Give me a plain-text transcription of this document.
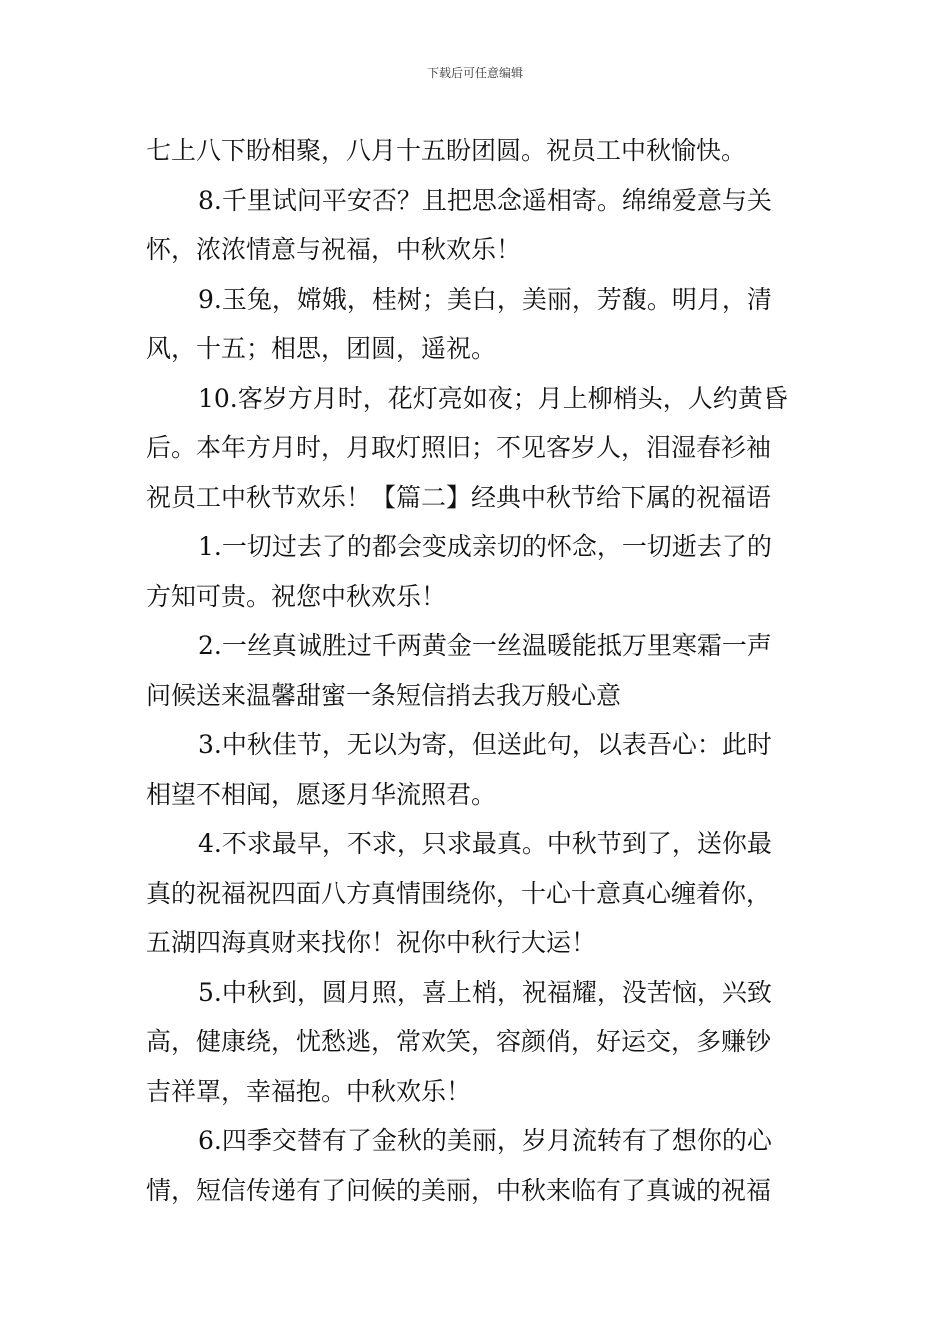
下载后可任意编辑
七上八下盼相聚，八月十五盼团圆。祝员工中秋愉快。
8.千里试问平安否？且把思念遥相寄。绵绵爱意与关
怀，浓浓情意与祝福，中秋欢乐！
9.玉兔，嫦娥，桂树；美白，美丽，芳馥。明月，清
风，十五；相思，团圆，遥祝。
10.客岁方月时，花灯亮如夜；月上柳梢头，人约黄昏
后。本年方月时，月取灯照旧；不见客岁人，泪湿春衫袖
祝员工中秋节欢乐！【篇二】经典中秋节给下属的祝福语
1.一切过去了的都会变成亲切的怀念，一切逝去了的
方知可贵。祝您中秋欢乐！
2.一丝真诚胜过千两黄金一丝温暖能抵万里寒霜一声
问候送来温馨甜蜜一条短信捎去我万般心意
3.中秋佳节，无以为寄，但送此句，以表吾心：此时
相望不相闻，愿逐月华流照君。
4.不求最早，不求，只求最真。中秋节到了，送你最
真的祝福祝四面八方真情围绕你，十心十意真心缠着你，
五湖四海真财来找你！祝你中秋行大运！
5.中秋到，圆月照，喜上梢，祝福耀，没苦恼，兴致
高，健康绕，忧愁逃，常欢笑，容颜俏，好运交，多赚钞
吉祥罩，幸福抱。中秋欢乐！
6.四季交替有了金秋的美丽，岁月流转有了想你的心
情，短信传递有了问候的美丽，中秋来临有了真诚的祝福
